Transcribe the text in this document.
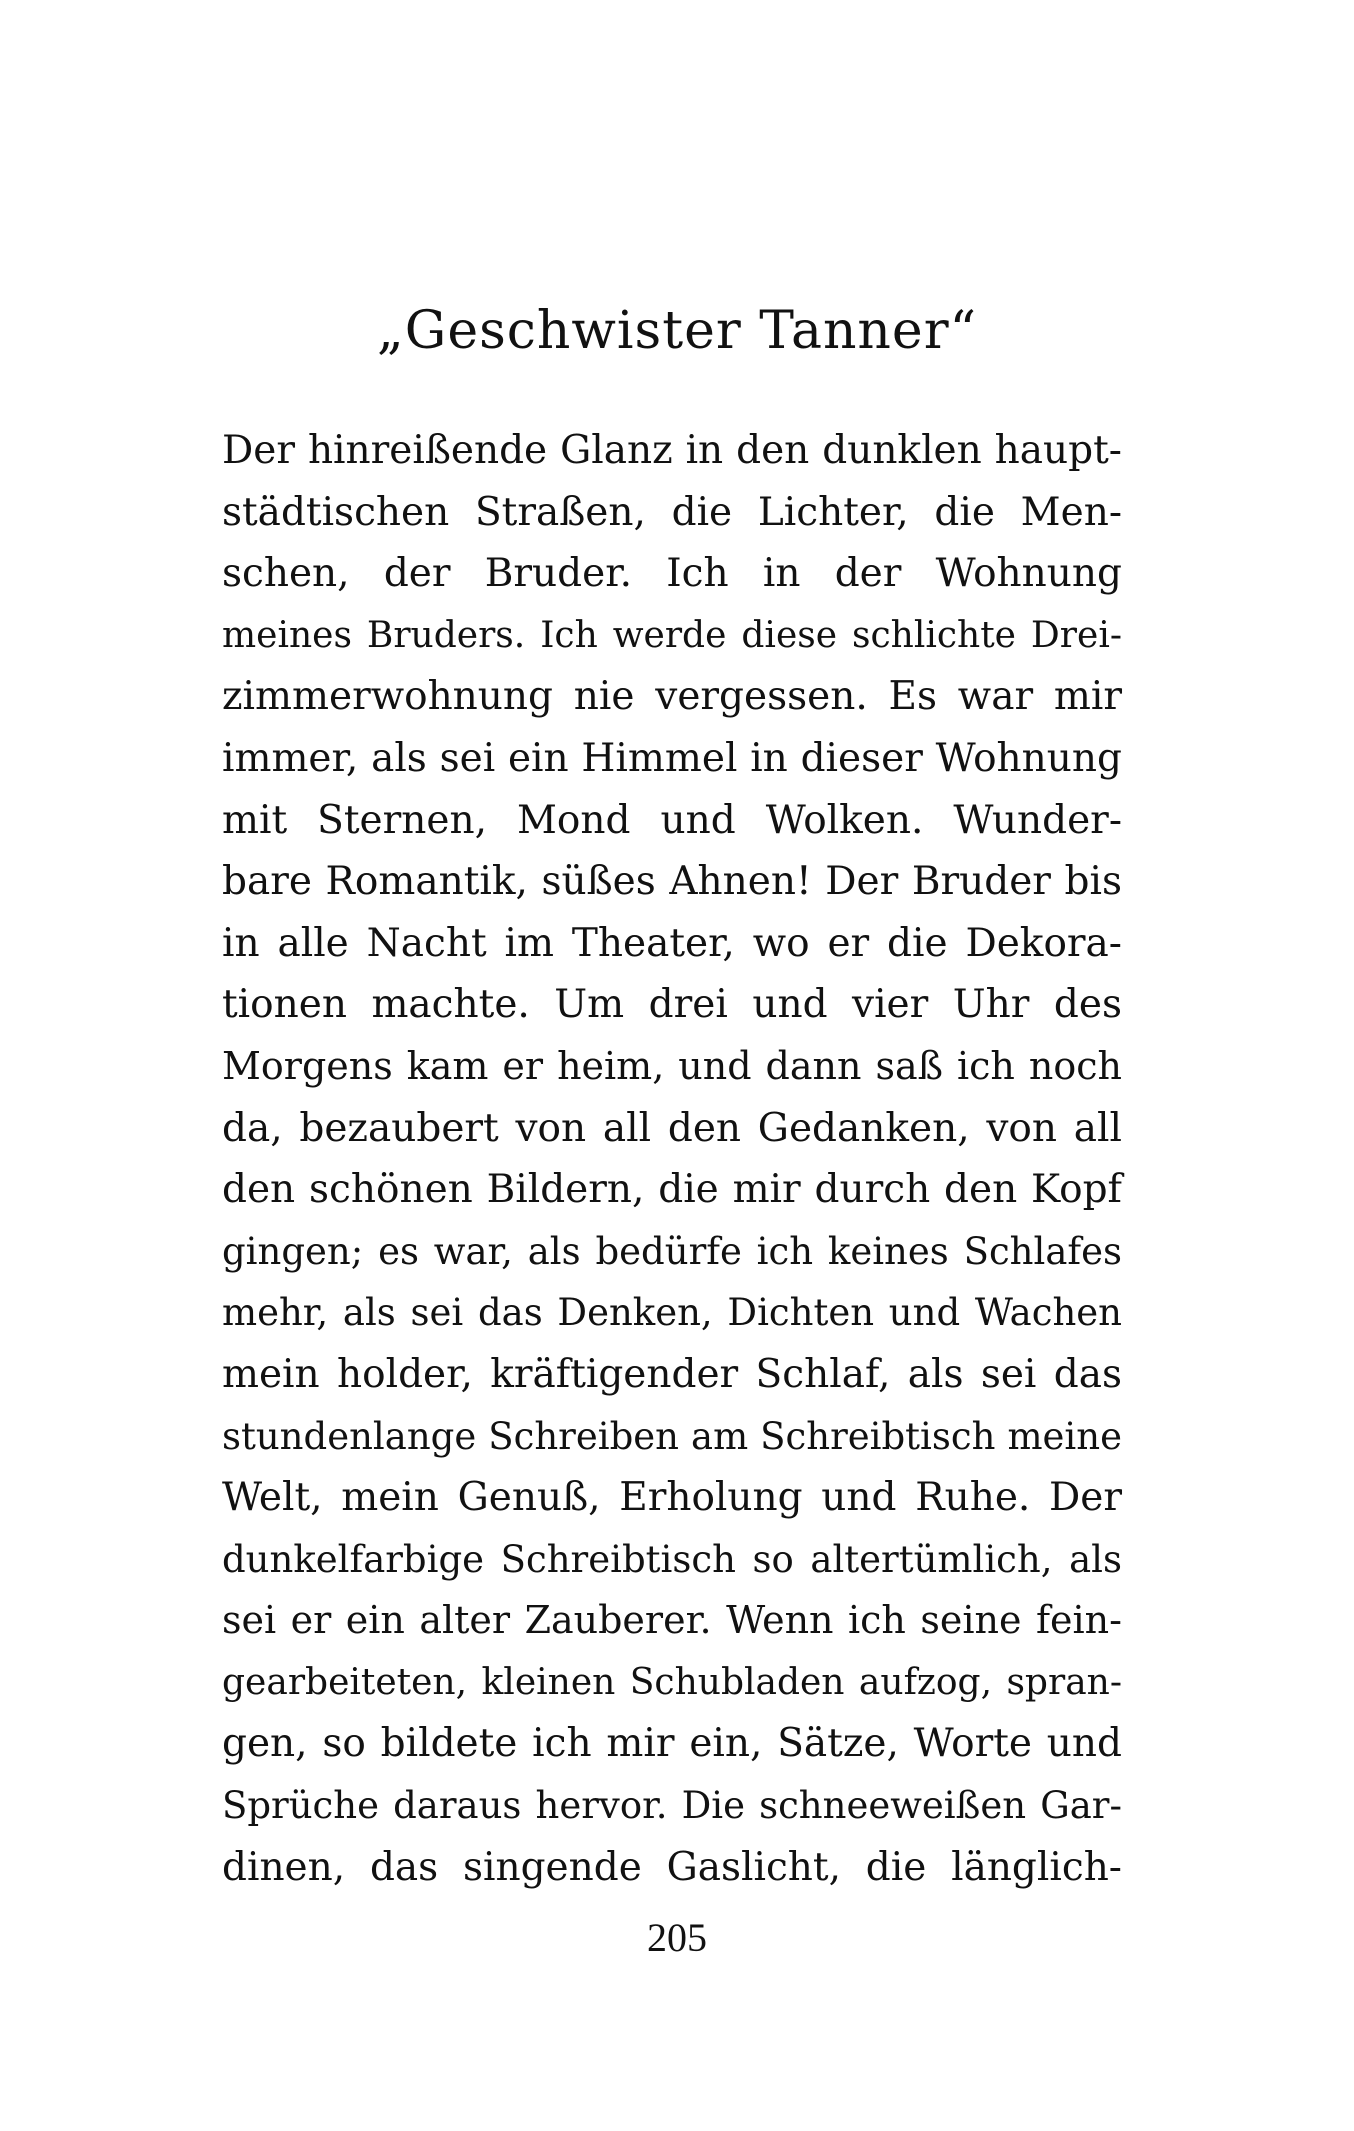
„Geschwister Tanner“
Der hinreißende Glanz in den dunklen haupt-
städtischen Straßen, die Lichter, die Men-
schen, der Bruder. Ich in der Wohnung
meines Bruders. Ich werde diese schlichte Drei-
zimmerwohnung nie vergessen. Es war mir
immer, als sei ein Himmel in dieser Wohnung
mit Sternen, Mond und Wolken. Wunder-
bare Romantik, süßes Ahnen! Der Bruder bis
in alle Nacht im Theater, wo er die Dekora-
tionen machte. Um drei und vier Uhr des
Morgens kam er heim, und dann saß ich noch
da, bezaubert von all den Gedanken, von all
den schönen Bildern, die mir durch den Kopf
gingen; es war, als bedürfe ich keines Schlafes
mehr, als sei das Denken, Dichten und Wachen
mein holder, kräftigender Schlaf, als sei das
stundenlange Schreiben am Schreibtisch meine
Welt, mein Genuß, Erholung und Ruhe. Der
dunkelfarbige Schreibtisch so altertümlich, als
sei er ein alter Zauberer. Wenn ich seine fein-
gearbeiteten, kleinen Schubladen aufzog, spran-
gen, so bildete ich mir ein, Sätze, Worte und
Sprüche daraus hervor. Die schneeweißen Gar-
dinen, das singende Gaslicht, die länglich-
205
